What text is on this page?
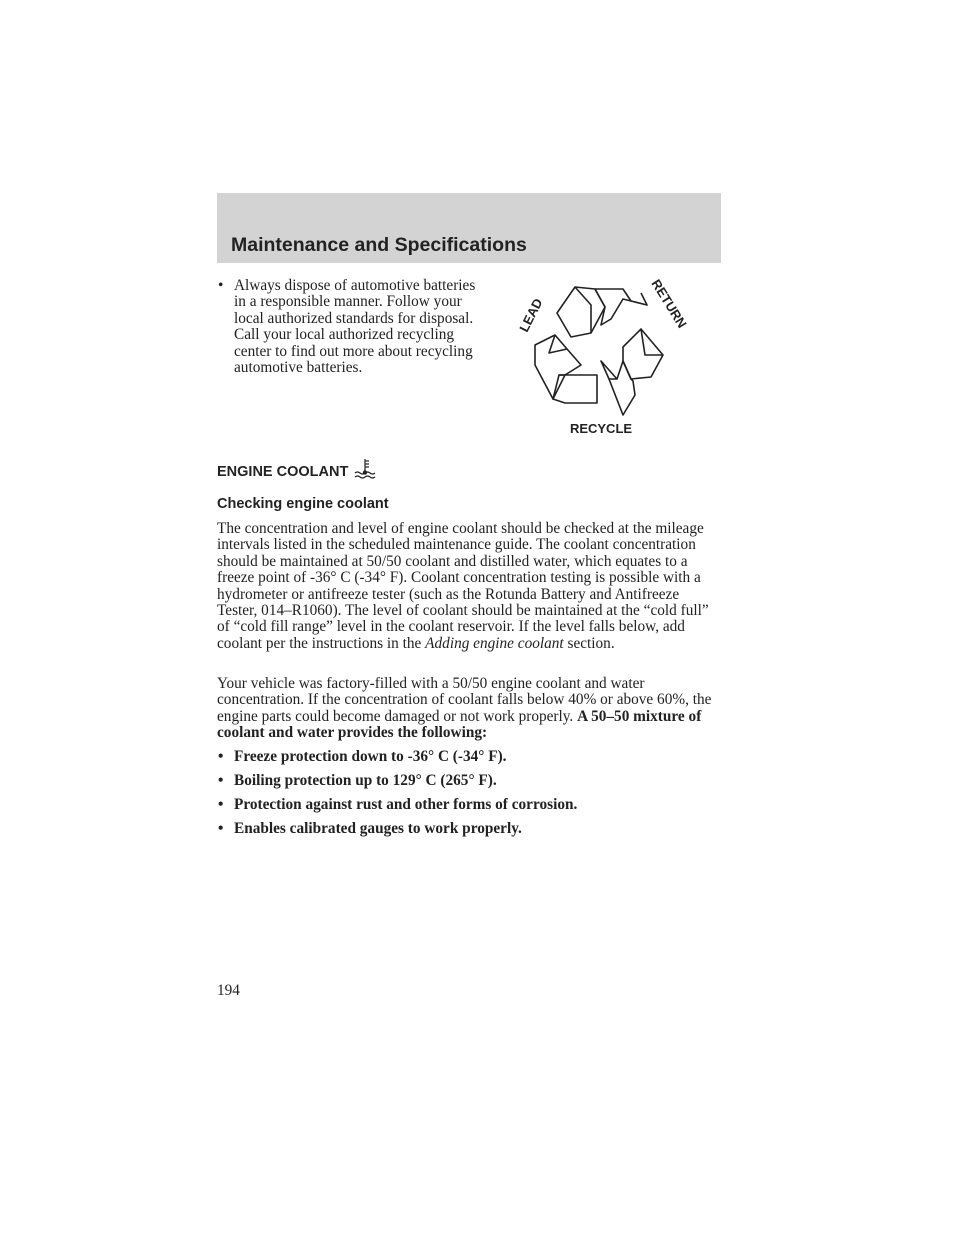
Maintenance and Specifications
• Always dispose of automotive batteries in a responsible manner. Follow your local authorized standards for disposal. Call your local authorized recycling center to find out more about recycling automotive batteries.
LEAD
RETURN
RECYCLE
ENGINE COOLANT
Checking engine coolant

The concentration and level of engine coolant should be checked at the mileage intervals listed in the scheduled maintenance guide. The coolant concentration should be maintained at 50/50 coolant and distilled water, which equates to a freeze point of -36° C (-34° F). Coolant concentration testing is possible with a hydrometer or antifreeze tester (such as the Rotunda Battery and Antifreeze Tester, 014–R1060). The level of coolant should be maintained at the “cold full” of “cold fill range” level in the coolant reservoir. If the level falls below, add coolant per the instructions in the Adding engine coolant section.

Your vehicle was factory-filled with a 50/50 engine coolant and water concentration. If the concentration of coolant falls below 40% or above 60%, the engine parts could become damaged or not work properly. A 50–50 mixture of coolant and water provides the following:

• Freeze protection down to -36° C (-34° F).
• Boiling protection up to 129° C (265° F).
• Protection against rust and other forms of corrosion.
• Enables calibrated gauges to work properly.
194
